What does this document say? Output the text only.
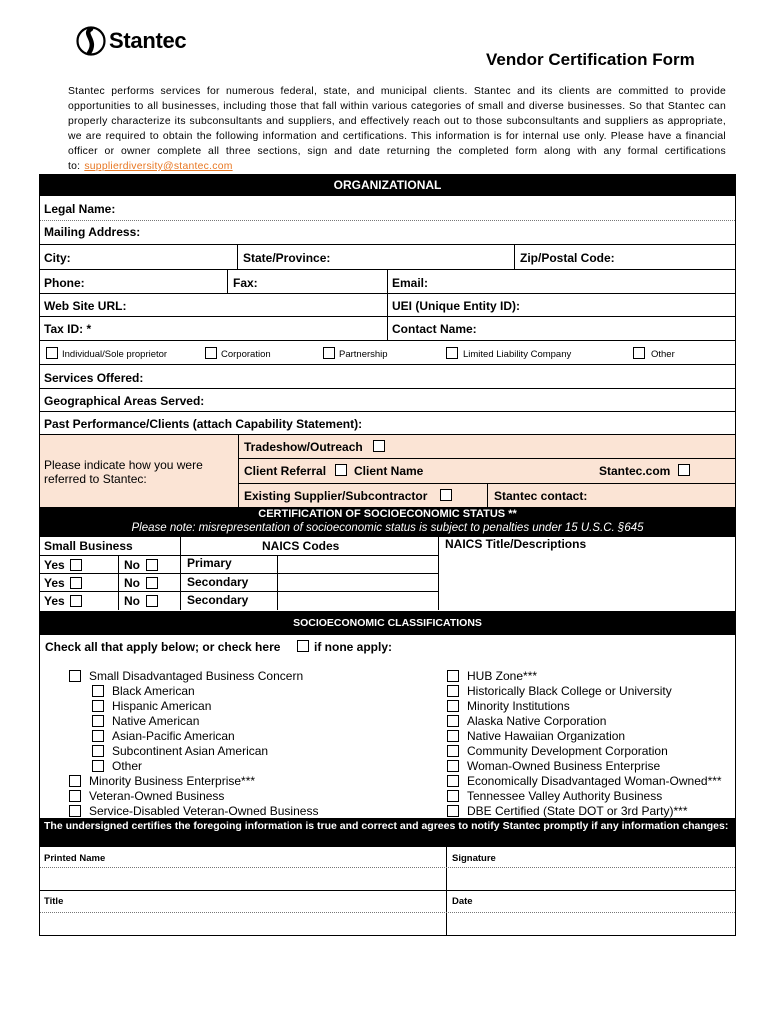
Stantec
Vendor Certification Form
Stantec performs services for numerous federal, state, and municipal clients. Stantec and its clients are committed to provide opportunities to all businesses, including those that fall within various categories of small and diverse businesses. So that Stantec can properly characterize its subconsultants and suppliers, and effectively reach out to those subconsultants and suppliers as appropriate, we are required to obtain the following information and certifications. This information is for internal use only. Please have a financial officer or owner complete all three sections, sign and date returning the completed form along with any formal certifications to: supplierdiversity@stantec.com
ORGANIZATIONAL
Legal Name:
Mailing Address:
City:	State/Province:	Zip/Postal Code:
Phone:	Fax:	Email:
Web Site URL:	UEI (Unique Entity ID):
Tax ID: *	Contact Name:
Individual/Sole proprietor	Corporation	Partnership	Limited Liability Company	Other
Services Offered:
Geographical Areas Served:
Past Performance/Clients (attach Capability Statement):
Please indicate how you were referred to Stantec:
Tradeshow/Outreach
Client Referral Client Name	Stantec.com
Existing Supplier/Subcontractor	Stantec contact:
CERTIFICATION OF SOCIOECONOMIC STATUS **
Please note: misrepresentation of socioeconomic status is subject to penalties under 15 U.S.C. §645
Small Business	NAICS Codes	NAICS Title/Descriptions
Yes	No	Primary
Yes	No	Secondary
Yes	No	Secondary
SOCIOECONOMIC CLASSIFICATIONS
Check all that apply below; or check here	if none apply:
Small Disadvantaged Business Concern
Black American
Hispanic American
Native American
Asian-Pacific American
Subcontinent Asian American
Other
Minority Business Enterprise***
Veteran-Owned Business
Service-Disabled Veteran-Owned Business
HUB Zone***
Historically Black College or University
Minority Institutions
Alaska Native Corporation
Native Hawaiian Organization
Community Development Corporation
Woman-Owned Business Enterprise
Economically Disadvantaged Woman-Owned***
Tennessee Valley Authority Business
DBE Certified (State DOT or 3rd Party)***
The undersigned certifies the foregoing information is true and correct and agrees to notify Stantec promptly if any information changes:
Printed Name	Signature
Title	Date
